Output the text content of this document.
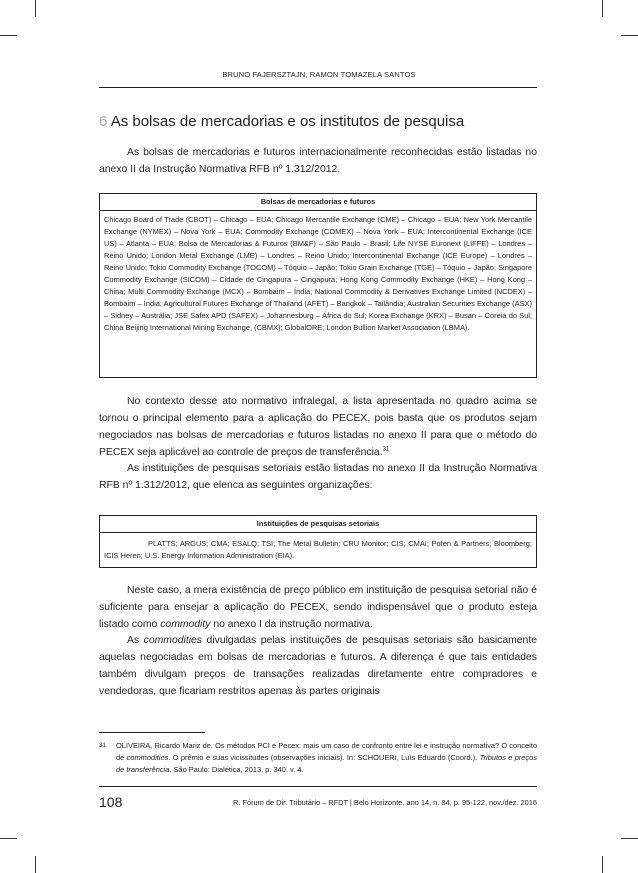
BRUNO FAJERSZTAJN, RAMON TOMAZELA SANTOS
6 As bolsas de mercadorias e os institutos de pesquisa

As bolsas de mercadorias e futuros internacionalmente reconhecidas estão listadas no anexo II da Instrução Normativa RFB nº 1.312/2012.

Bolsas de mercadorias e futuros
Chicago Board of Trade (CBOT) – Chicago – EUA; Chicago Mercantile Exchange (CME) – Chicago – EUA; New York Mercantile Exchange (NYMEX) – Nova York – EUA; Commodity Exchange (COMEX) – Nova York – EUA; Intercontinental Exchange (ICE US) – Atlanta – EUA; Bolsa de Mercadorias & Futuros (BM&F) – São Paulo – Brasil; Life NYSE Euronext (LIFFE) – Londres – Reino Unido; London Metal Exchange (LME) – Londres – Reino Unido; Intercontinental Exchange (ICE Europe) – Londres – Reino Unido; Tokio Commodity Exchange (TOCOM) – Tóquio – Japão; Tokio Grain Exchange (TGE) – Tóquio – Japão; Singapore Commodity Exchange (SICOM) – Cidade de Cingapura – Cingapura; Hong Kong Commodity Exchange (HKE) – Hong Kong – China; Multi Commodity Exchange (MCX) – Bombaim – Índia; National Commodity & Derivatives Exchange Limited (NCDEX) – Bombaim – Índia; Agricultural Futures Exchange of Thailand (AFET) – Bangkok – Tailândia; Australian Securities Exchange (ASX) – Sidney – Austrália; JSE Safex APD (SAFEX) – Johannesburg – África do Sul; Korea Exchange (KRX) – Busan – Coreia do Sul; China Beijing International Mining Exchange, (CBMX); GlobalORE; London Bullion Market Association (LBMA).

No contexto desse ato normativo infralegal, a lista apresentada no quadro acima se tornou o principal elemento para a aplicação do PECEX, pois basta que os produtos sejam negociados nas bolsas de mercadorias e futuros listadas no anexo II para que o método do PECEX seja aplicável ao controle de preços de transferência.$^{31}$

As instituições de pesquisas setoriais estão listadas no anexo II da Instrução Normativa RFB nº 1.312/2012, que elenca as seguintes organizações:

Instituições de pesquisas setoriais
PLATTS; ARGUS; CMA; ESALQ; TSI; The Metal Bulletin; CRU Monitor; CIS; CMAI; Poten & Partners; Bloomberg; ICIS Heren; U.S. Energy Information Administration (EIA).

Neste caso, a mera existência de preço público em instituição de pesquisa setorial não é suficiente para ensejar a aplicação do PECEX, sendo indispensável que o produto esteja listado como commodity no anexo I da instrução normativa.

As commodities divulgadas pelas instituições de pesquisas setoriais são basicamente aquelas negociadas em bolsas de mercadorias e futuros. A diferença é que tais entidades também divulgam preços de transações realizadas diretamente entre compradores e vendedoras, que ficariam restritos apenas às partes originais

31 OLIVEIRA, Ricardo Mariz de. Os métodos PCI e Pecex: mais um caso de confronto entre lei e instrução normativa? O conceito de commodities. O prêmio e suas vicissitudes (observações iniciais). In: SCHOUERI, Luís Eduardo (Coord.). Tributos e preços de transferência. São Paulo: Dialética, 2013. p. 340. v. 4.
108	R. Fórum de Dir. Tributário – RFDT | Belo Horizonte, ano 14, n. 84, p. 95-122, nov./dez. 2016
